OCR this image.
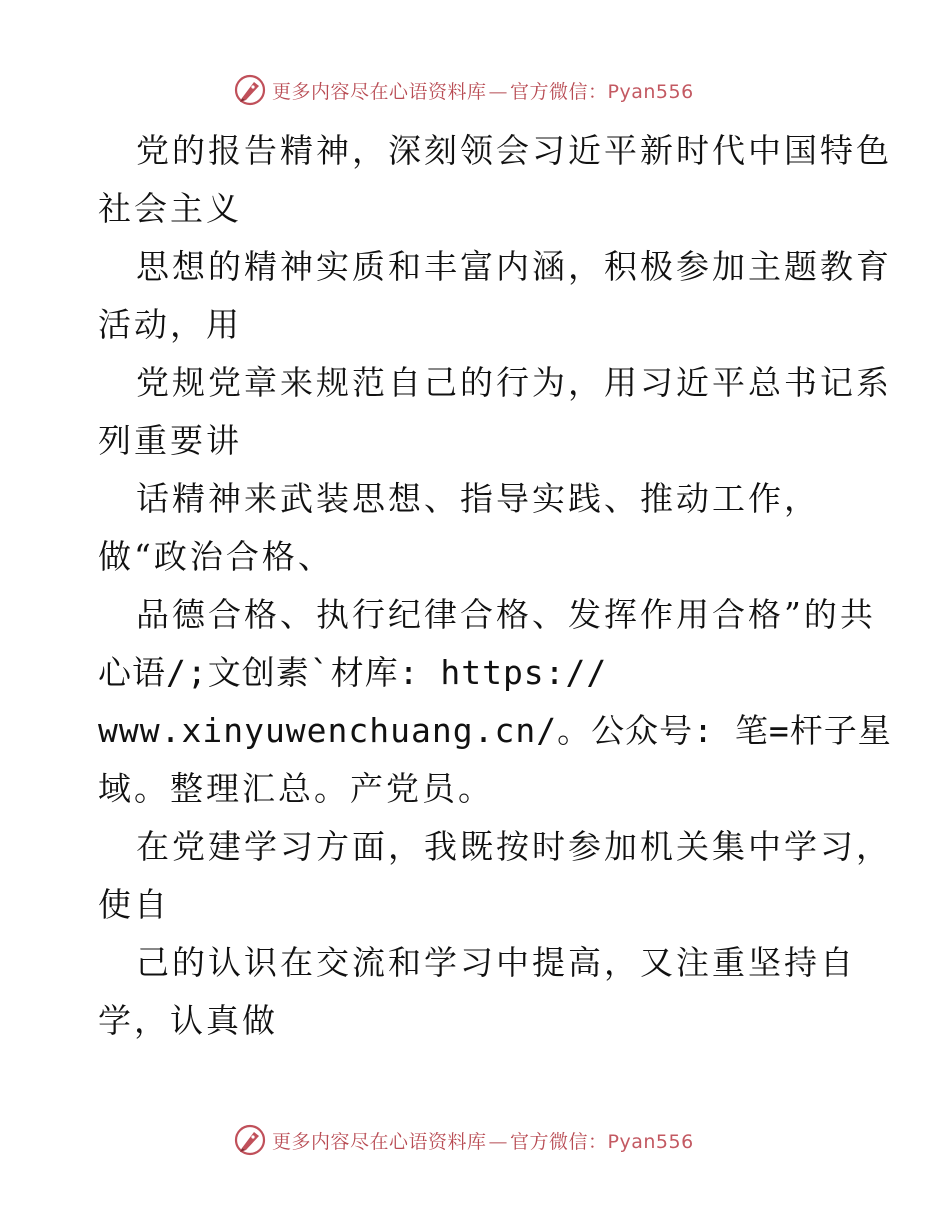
更多内容尽在心语资料库 — 官方微信：Pyan556
党的报告精神，深刻领会习近平新时代中国特色
社会主义
思想的精神实质和丰富内涵，积极参加主题教育
活动，用
党规党章来规范自己的行为，用习近平总书记系
列重要讲
话精神来武装思想、指导实践、推动工作，
做“政治合格、
品德合格、执行纪律合格、发挥作用合格”的共
心语/;文创素`材库: https://
www.xinyuwenchuang.cn/。公众号: 笔=杆子星
域。整理汇总。产党员。
在党建学习方面，我既按时参加机关集中学习，
使自
己的认识在交流和学习中提高，又注重坚持自
学，认真做
更多内容尽在心语资料库 — 官方微信：Pyan556
